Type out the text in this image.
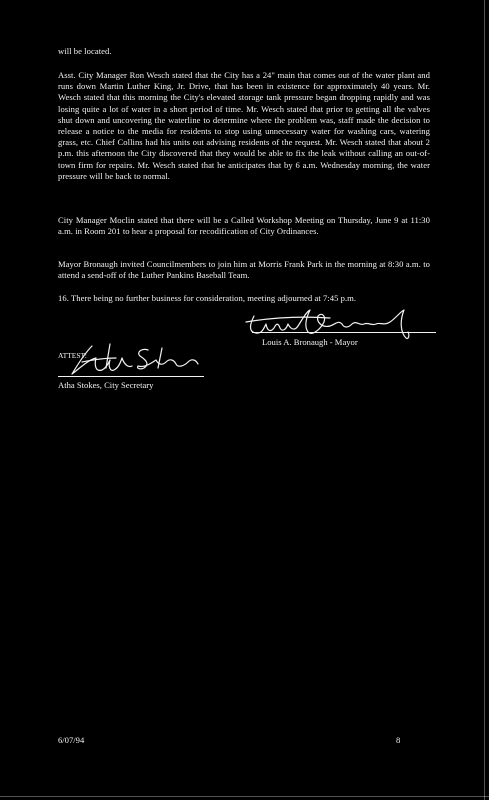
will be located.
Asst. City Manager Ron Wesch stated that the City has a 24" main that comes out of the water plant and runs down Martin Luther King, Jr. Drive, that has been in existence for approximately 40 years. Mr. Wesch stated that this morning the City's elevated storage tank pressure began dropping rapidly and was losing quite a lot of water in a short period of time. Mr. Wesch stated that prior to getting all the valves shut down and uncovering the waterline to determine where the problem was, staff made the decision to release a notice to the media for residents to stop using unnecessary water for washing cars, watering grass, etc. Chief Collins had his units out advising residents of the request. Mr. Wesch stated that about 2 p.m. this afternoon the City discovered that they would be able to fix the leak without calling an out-of-town firm for repairs. Mr. Wesch stated that he anticipates that by 6 a.m. Wednesday morning, the water pressure will be back to normal.
City Manager Moclin stated that there will be a Called Workshop Meeting on Thursday, June 9 at 11:30 a.m. in Room 201 to hear a proposal for recodification of City Ordinances.
Mayor Bronaugh invited Councilmembers to join him at Morris Frank Park in the morning at 8:30 a.m. to attend a send-off of the Luther Pankins Baseball Team.
16. There being no further business for consideration, meeting adjourned at 7:45 p.m.
Louis A. Bronaugh - Mayor
ATTEST:
Atha Stokes, City Secretary
6/07/94	8
